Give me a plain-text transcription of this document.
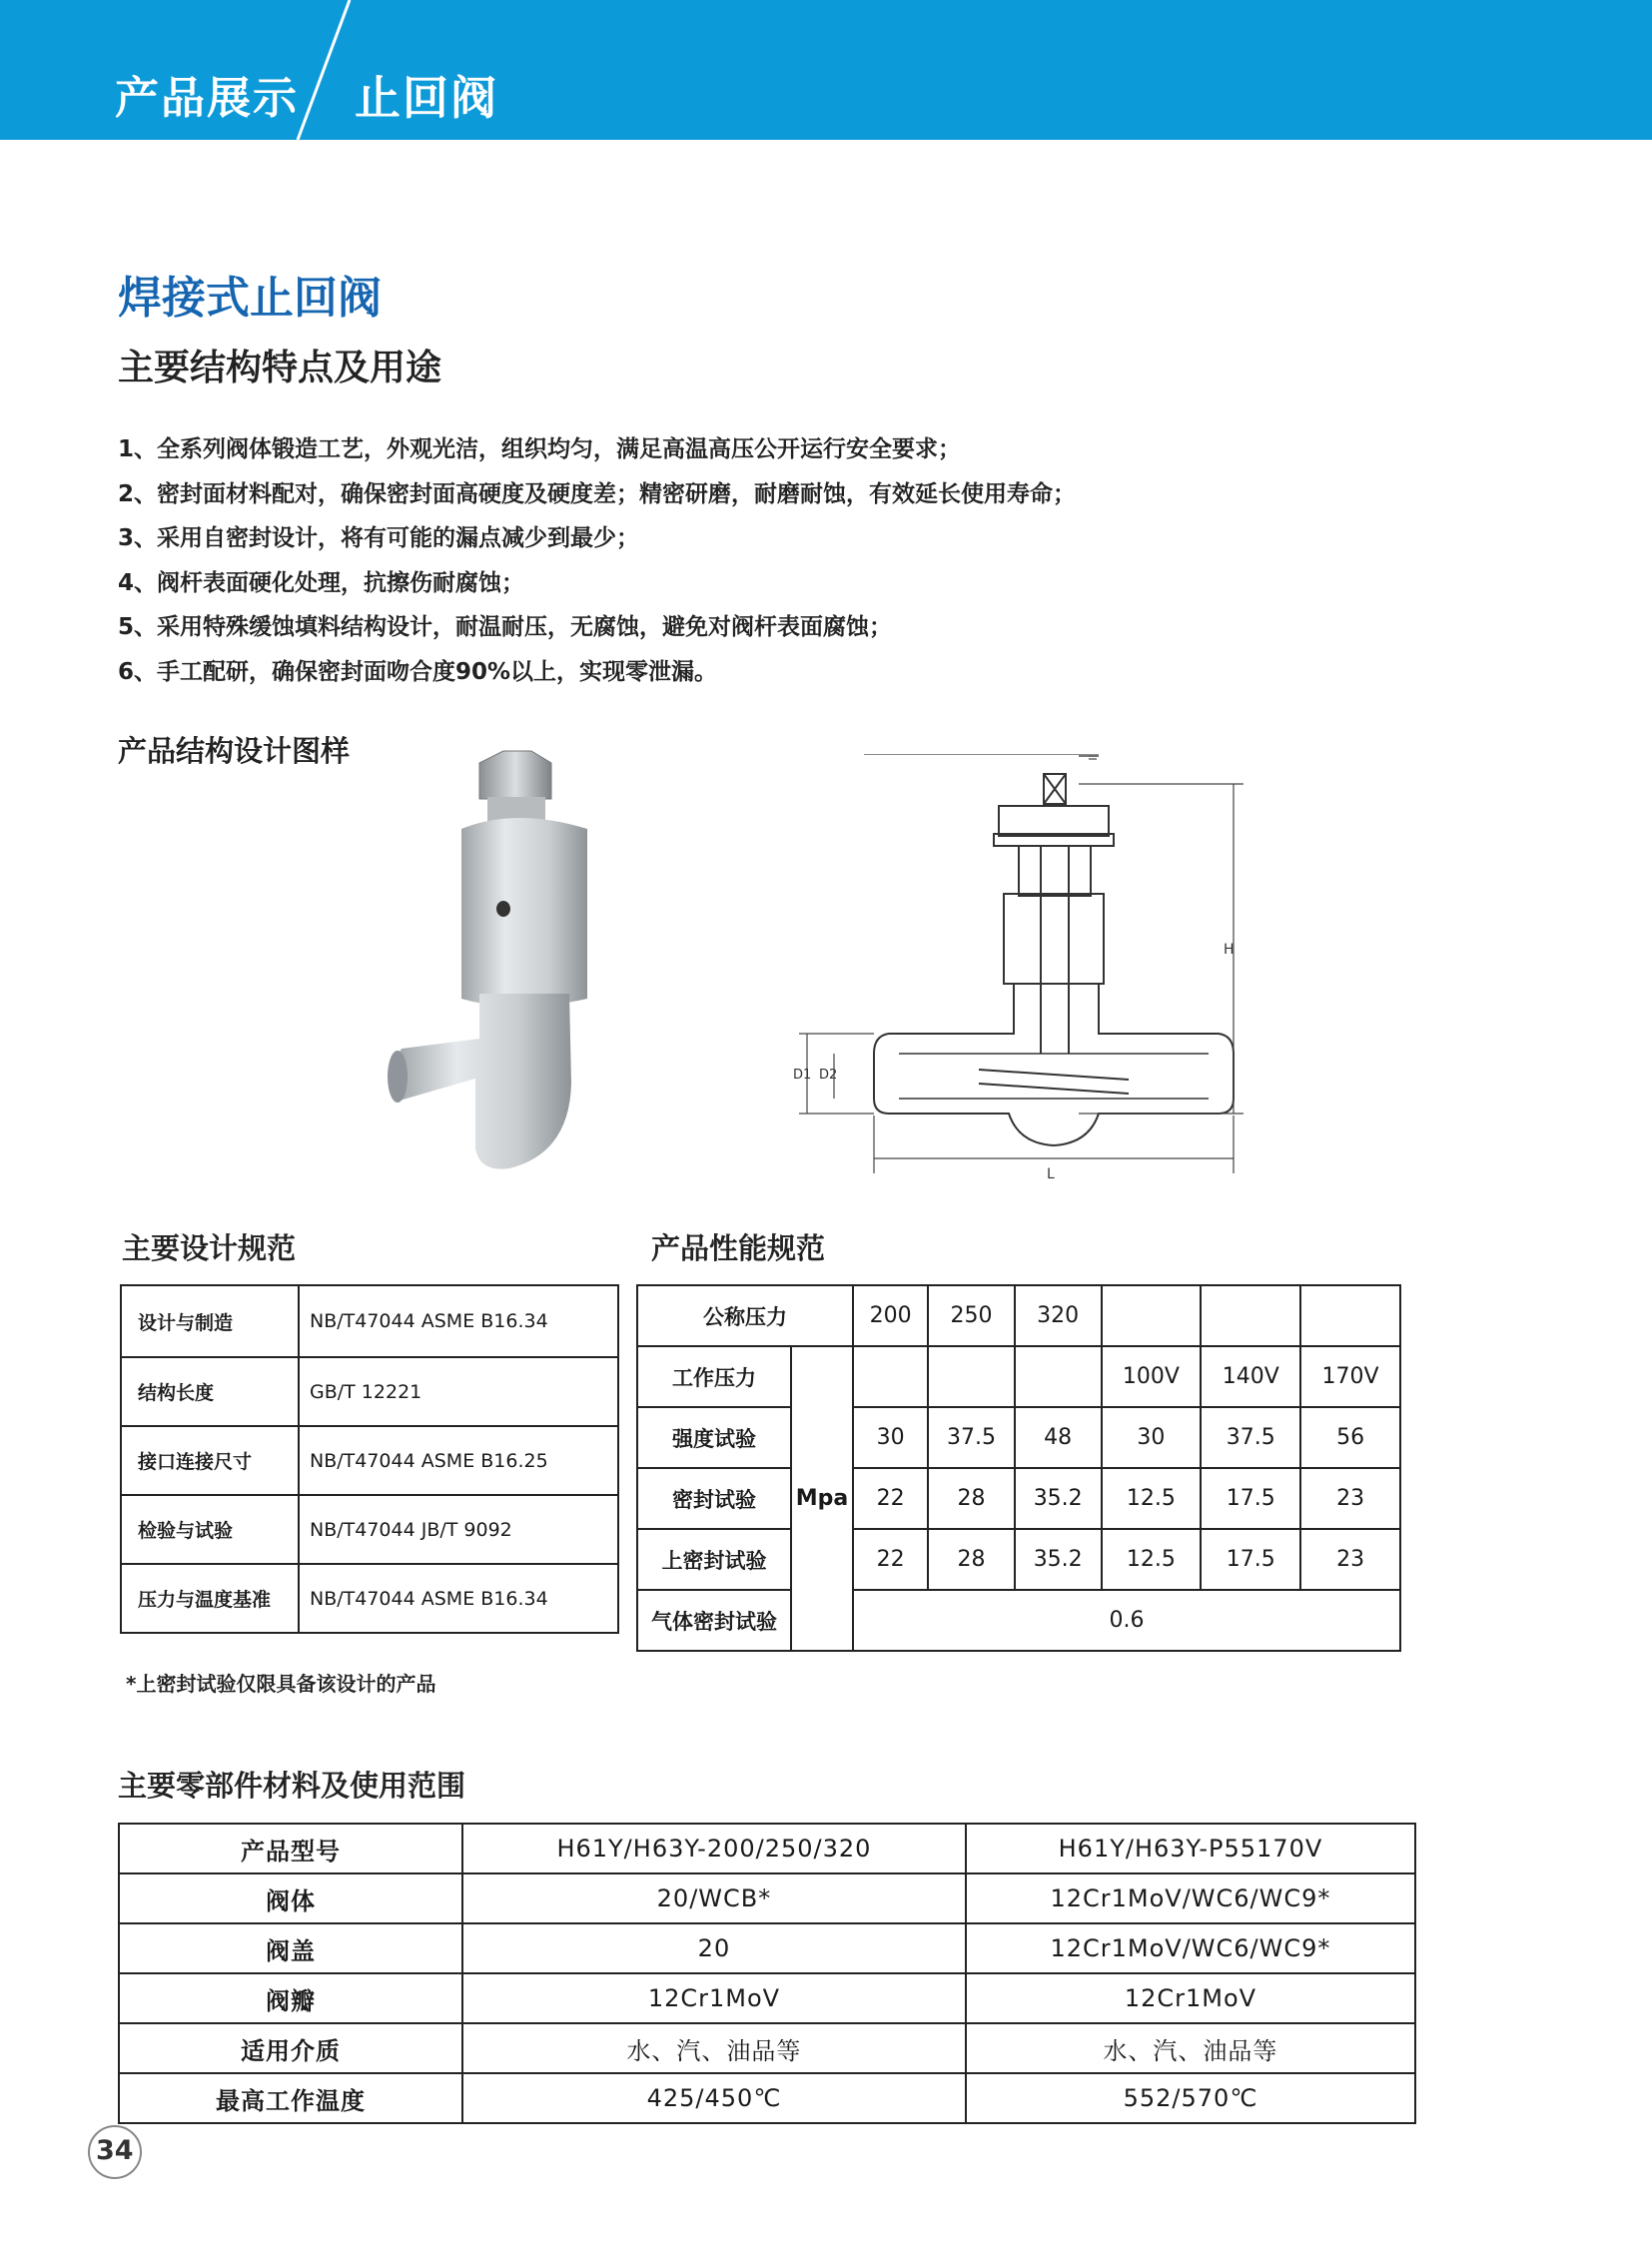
产品展示 止回阀
焊接式止回阀
主要结构特点及用途
1、全系列阀体锻造工艺，外观光洁，组织均匀，满足高温高压公开运行安全要求；
2、密封面材料配对，确保密封面高硬度及硬度差；精密研磨，耐磨耐蚀，有效延长使用寿命；
3、采用自密封设计，将有可能的漏点减少到最少；
4、阀杆表面硬化处理，抗擦伤耐腐蚀；
5、采用特殊缓蚀填料结构设计，耐温耐压，无腐蚀，避免对阀杆表面腐蚀；
6、手工配研，确保密封面吻合度90%以上，实现零泄漏。
产品结构设计图样
H
D1 D2
L
主要设计规范
设计与制造	NB/T47044 ASME B16.34
结构长度	GB/T 12221
接口连接尺寸	NB/T47044 ASME B16.25
检验与试验	NB/T47044 JB/T 9092
压力与温度基准	NB/T47044 ASME B16.34
产品性能规范
公称压力		200	250	320			
工作压力	Mpa				100V	140V	170V
强度试验		30	37.5	48	30	37.5	56
密封试验		22	28	35.2	12.5	17.5	23
上密封试验		22	28	35.2	12.5	17.5	23
气体密封试验		0.6					
*上密封试验仅限具备该设计的产品
主要零部件材料及使用范围
产品型号	H61Y/H63Y-200/250/320	H61Y/H63Y-P55170V
阀体	20/WCB*	12Cr1MoV/WC6/WC9*
阀盖	20	12Cr1MoV/WC6/WC9*
阀瓣	12Cr1MoV	12Cr1MoV
适用介质	水、汽、油品等	水、汽、油品等
最高工作温度	425/450℃	552/570℃
34
